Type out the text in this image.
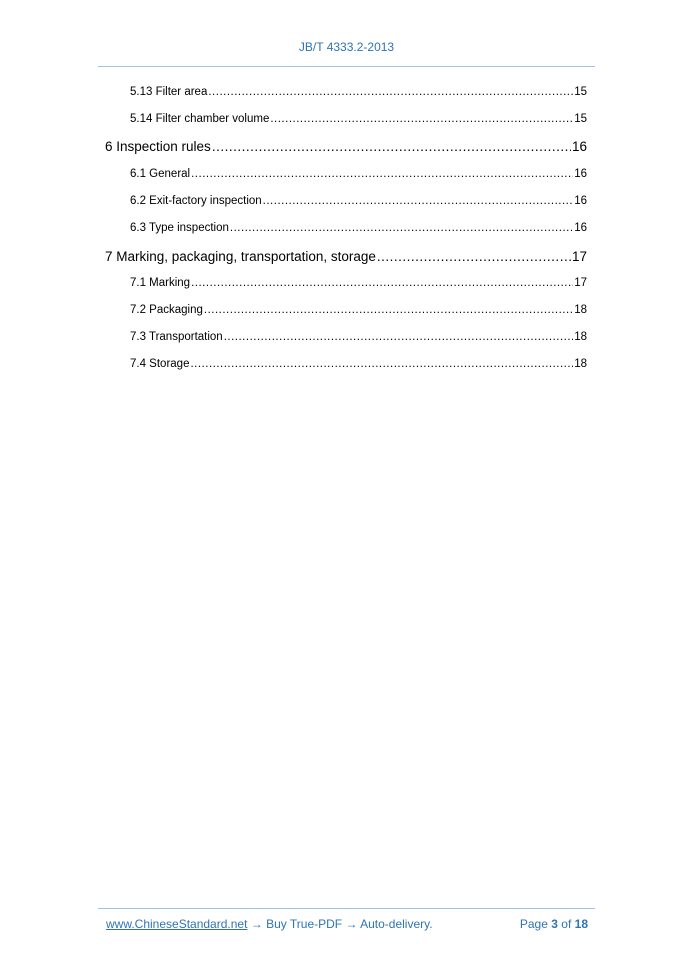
JB/T 4333.2-2013
5.13 Filter area .....	15
5.14 Filter chamber volume .....	15
6 Inspection rules .....	16
6.1 General .....	16
6.2 Exit-factory inspection .....	16
6.3 Type inspection .....	16
7 Marking, packaging, transportation, storage .....	17
7.1 Marking .....	17
7.2 Packaging .....	18
7.3 Transportation .....	18
7.4 Storage .....	18
www.ChineseStandard.net → Buy True-PDF → Auto-delivery.	Page 3 of 18
